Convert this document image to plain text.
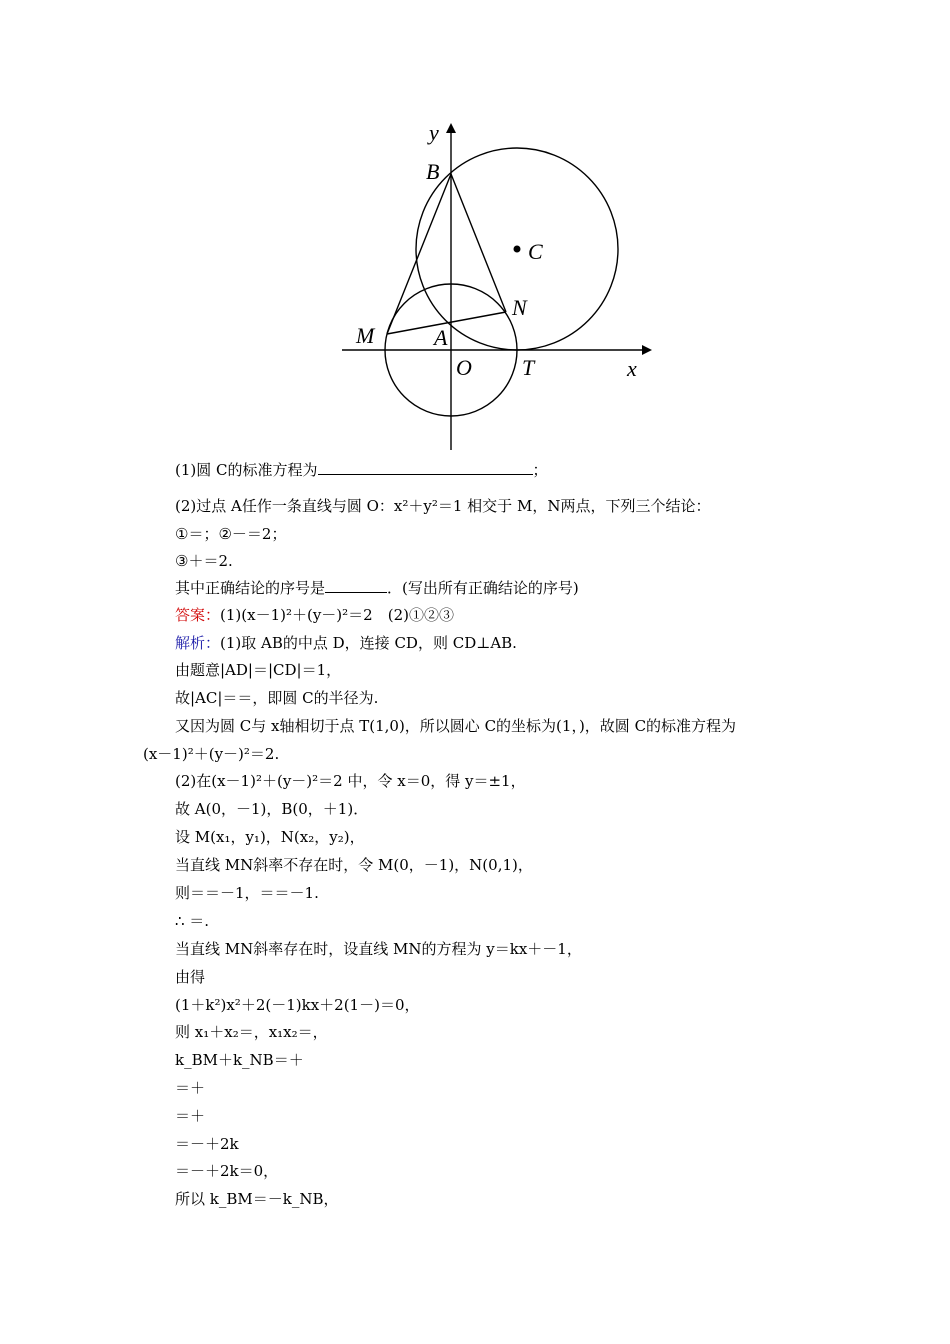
y
B
C
N
M	A
O T	x
(1)圆 C的标准方程为	；
(2)过点 A任作一条直线与圆 O：x²＋y²＝1 相交于 M，N两点，下列三个结论：
①＝；②－＝2；
③＋＝2.
其中正确结论的序号是	．(写出所有正确结论的序号)
答案：(1)(x－1)²＋(y－)²＝2　(2)①②③
解析：(1)取 AB的中点 D，连接 CD，则 CD⊥AB.
由题意|AD|＝|CD|＝1，
故|AC|＝＝，即圆 C的半径为.
又因为圆 C与 x轴相切于点 T(1,0)，所以圆心 C的坐标为(1，)，故圆 C的标准方程为
(x－1)²＋(y－)²＝2.
(2)在(x－1)²＋(y－)²＝2 中，令 x＝0，得 y＝±1，
故 A(0，－1)，B(0，＋1)．
设 M(x₁，y₁)，N(x₂，y₂)，
当直线 MN斜率不存在时，令 M(0，－1)，N(0,1)，
则＝＝－1，＝＝－1.
∴ ＝.
当直线 MN斜率存在时，设直线 MN的方程为 y＝kx＋－1，
由得
(1＋k²)x²＋2(－1)kx＋2(1－)＝0，
则 x₁＋x₂＝，x₁x₂＝，
k_BM＋k_NB＝＋
＝＋
＝＋
＝－＋2k
＝－＋2k＝0，
所以 k_BM＝－k_NB，
